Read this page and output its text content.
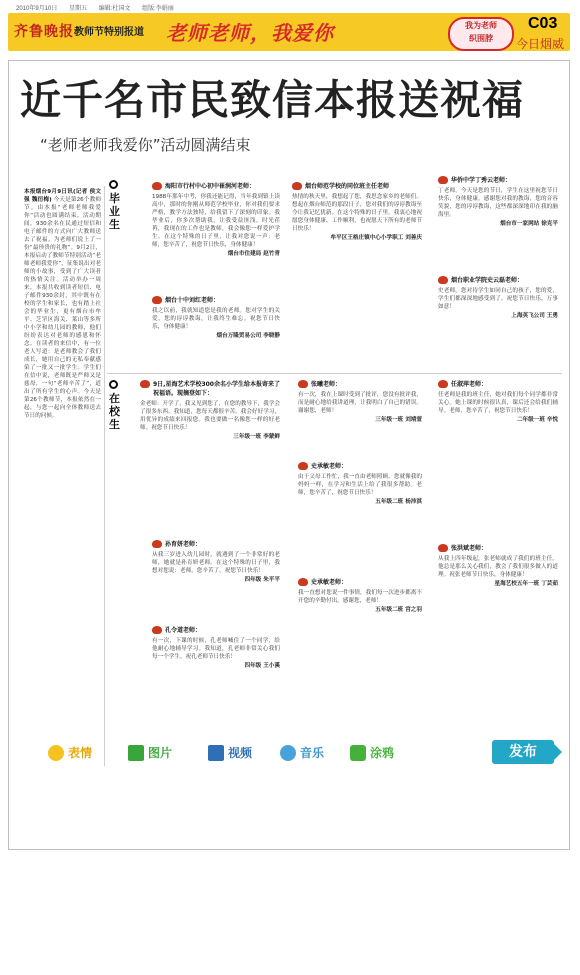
2010年9月10日 星期五 编辑:杜国文 组版:李娟丽
齐鲁晚报 教师节特别报道 老师老师，我爱你	我为老师
织围脖
C03
今日烟威
近千名市民致信本报送祝福
“老师老师我爱你”活动圆满结束
本报烟台9月9日讯(记者 侯文强 魏衍梅) 今天是第26个教师节。由本报“老师老师我爱你”活动也圆满结束。活动期间，930余名在民通过短信和电子邮件的方式向广大教师送去了祝福。为老师们说上了一份“最珍贵的礼物”。9月2日，本报启动了教师节特别活动“老师老师我爱你”，征集说出对老师的小故事，受到了广大读者的热情关注。活动举办一周来，本报共收到读者短信、电子邮件930余封，其中既有在校的学生和家长，也有踏上社会的毕业生，更有烟台市牟平、芝罘区海关、莱山等多所中小学和幼儿园的教师，他们纷纷表达对老师的感恩和怀念。在读者的来信中，有一位老人写道：是老师教会了我们成长，她用自己的无私奉献感染了一批又一批学生。学生们在信中说，老师既是严师又是慈母，一句“老师辛苦了”，道出了所有学生的心声。今天是第26个教师节，本报依然在一起，与您一起向全体教师送去节日的问候。
毕业生
在校生
海阳市行村中心初中崔润河老师：
1988年那年中考，你我还能记得，当年我到镇上读高中，那时的你刚从师范学校毕业，你对我们要求严格，教学方法独特，给我留下了深刻的印象。我毕业后，你多次帮助我，让我受益匪浅。时光荏苒，我现在的工作也是教师，我会像您一样爱护学生。在这个特殊的日子里，让我对您说一声：老师，您辛苦了，祝您节日快乐，身体健康！
烟台市住建局 赵竹青
烟台十中刘红老师：
我之以前，我就知道您是我的老师。您对学生的关爱，您的谆谆教诲，让我终生难忘。祝您节日快乐，身体健康！
烟台万隆贸易公司 李晓静
烟台师范学校的同位班主任老师
热情的秋天里，我想起了您，我思念家乡的老师们。想起在烟台师范的那段日子，您对我们的谆谆教诲至今让我记忆犹新。在这个特殊的日子里，我衷心地祝愿您身体健康、工作顺利，也祝愿天下所有的老师节日快乐！
牟平区王格庄镇中心小学职工 刘善庆
华侨中学丁秀云老师：
丁老师，今天是您的节日，学生在这里祝您节日快乐，身体健康。感谢您对我的教诲，您的音容笑貌，您的谆谆教诲，这些都深深地印在我的脑海里。
烟台市一家网站 徐克平
烟台职业学院史云磊老师：
史老师，您对待学生如同自己的孩子，您的爱，学生们都深深地感受到了。祝您节日快乐，万事如意！
上海英飞公司 王勇
9日,星海艺术学校300余名小学生给本报寄来了祝福语。现摘登如下：
金老师：开学了，我又见到您了，在您的教导下，我学会了很多东西。我知道，您每天都很辛苦。我会好好学习，用优异的成绩来回报您。我也要做一名像您一样的好老师。祝您节日快乐！
三年级一班 李蒙鲜
孙育妍老师：
从我三岁进入幼儿园时，就遇到了一个非常好的老师，她就是孙育妍老师。在这个特殊的日子里，我想对您说：老师，您辛苦了，祝您节日快乐！
四年级 朱平平
孔令道老师：
有一次，下课的时候，孔老师喊住了一个同学，给他耐心地辅导学习。我知道，孔老师非常关心我们每一个学生。祝孔老师节日快乐！
四年级 王小溪
张曦老师：
有一次，我在上课时受到了批评，您没有批评我，而是耐心地给我讲道理，让我明白了自己的错误。谢谢您，老师！
三年级一班 刘靖萱
史承敏老师：
由于父母工作忙，我一直由老师照顾。您就像我的妈妈一样，在学习和生活上给了我很多帮助。老师，您辛苦了，祝您节日快乐！
五年级二班 杨沛淇
史承敏老师：
我一直想对您说一件事情，我们每一次进步都离不开您的辛勤付出。感谢您，老师！
五年级二班 宫之羽
任淑萍老师：
任老师是我的班主任，她对我们每个同学都非常关心。她上课的时候很认真，课后还会给我们辅导。老师，您辛苦了，祝您节日快乐！
二年级一班 辛悦
张洪斌老师：
从我上四年级起，张老师就成了我们的班主任。他总是那么关心我们，教会了我们很多做人的道理。祝张老师节日快乐，身体健康！
星海艺校五年一班 丁芸茹
表情	图片	视频	音乐	涂鸦	发布
